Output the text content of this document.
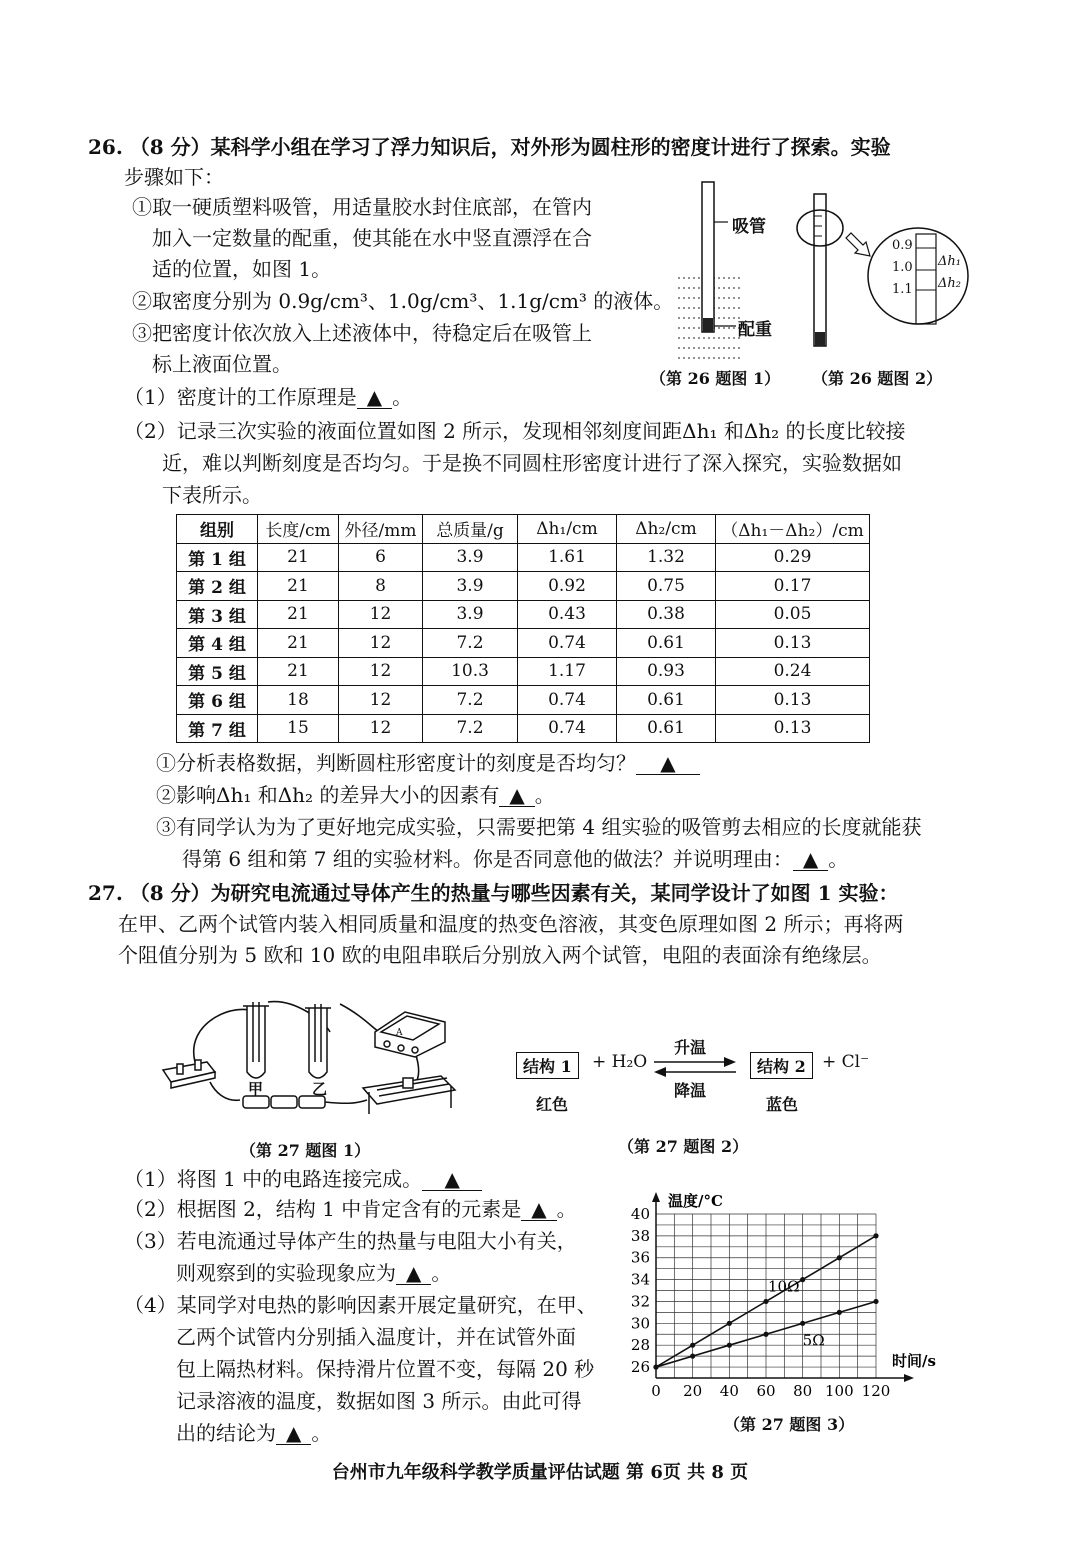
26. （8 分）某科学小组在学习了浮力知识后，对外形为圆柱形的密度计进行了探索。实验
步骤如下：
①取一硬质塑料吸管，用适量胶水封住底部，在管内
加入一定数量的配重，使其能在水中竖直漂浮在合
适的位置，如图 1。
②取密度分别为 0.9g/cm³、1.0g/cm³、1.1g/cm³ 的液体。
③把密度计依次放入上述液体中，待稳定后在吸管上
标上液面位置。
吸管
配重
0.9
1.0
1.1
Δh₁
Δh₂
（第 26 题图 1） （第 26 题图 2）
（1）密度计的工作原理是 ▲ 。
（2）记录三次实验的液面位置如图 2 所示，发现相邻刻度间距Δh₁ 和Δh₂ 的长度比较接
近，难以判断刻度是否均匀。于是换不同圆柱形密度计进行了深入探究，实验数据如
下表所示。
组别	长度/cm	外径/mm	总质量/g	Δh₁/cm	Δh₂/cm	（Δh₁－Δh₂）/cm
第 1 组	21	6	3.9	1.61	1.32	0.29
第 2 组	21	8	3.9	0.92	0.75	0.17
第 3 组	21	12	3.9	0.43	0.38	0.05
第 4 组	21	12	7.2	0.74	0.61	0.13
第 5 组	21	12	10.3	1.17	0.93	0.24
第 6 组	18	12	7.2	0.74	0.61	0.13
第 7 组	15	12	7.2	0.74	0.61	0.13
①分析表格数据，判断圆柱形密度计的刻度是否均匀？ ▲
②影响Δh₁ 和Δh₂ 的差异大小的因素有 ▲ 。
③有同学认为为了更好地完成实验，只需要把第 4 组实验的吸管剪去相应的长度就能获
得第 6 组和第 7 组的实验材料。你是否同意他的做法？并说明理由： ▲ 。
27. （8 分）为研究电流通过导体产生的热量与哪些因素有关，某同学设计了如图 1 实验：
在甲、乙两个试管内装入相同质量和温度的热变色溶液，其变色原理如图 2 所示；再将两
个阻值分别为 5 欧和 10 欧的电阻串联后分别放入两个试管，电阻的表面涂有绝缘层。
甲	乙
A
（第 27 题图 1）
结构 1	+ H₂O
升温
降温
结构 2 + Cl⁻
红色	蓝色
（第 27 题图 2）
（1）将图 1 中的电路连接完成。 ▲
（2）根据图 2，结构 1 中肯定含有的元素是 ▲ 。
（3）若电流通过导体产生的热量与电阻大小有关，
则观察到的实验现象应为 ▲ 。
（4）某同学对电热的影响因素开展定量研究，在甲、
乙两个试管内分别插入温度计，并在试管外面
包上隔热材料。保持滑片位置不变，每隔 20 秒
记录溶液的温度，数据如图 3 所示。由此可得
出的结论为 ▲ 。
26
28
30
32
34
36
38
40
0 20 40 60 80 100 120
10Ω
5Ω
温度/°C
时间/s
（第 27 题图 3）
台州市九年级科学教学质量评估试题 第 6页 共 8 页
